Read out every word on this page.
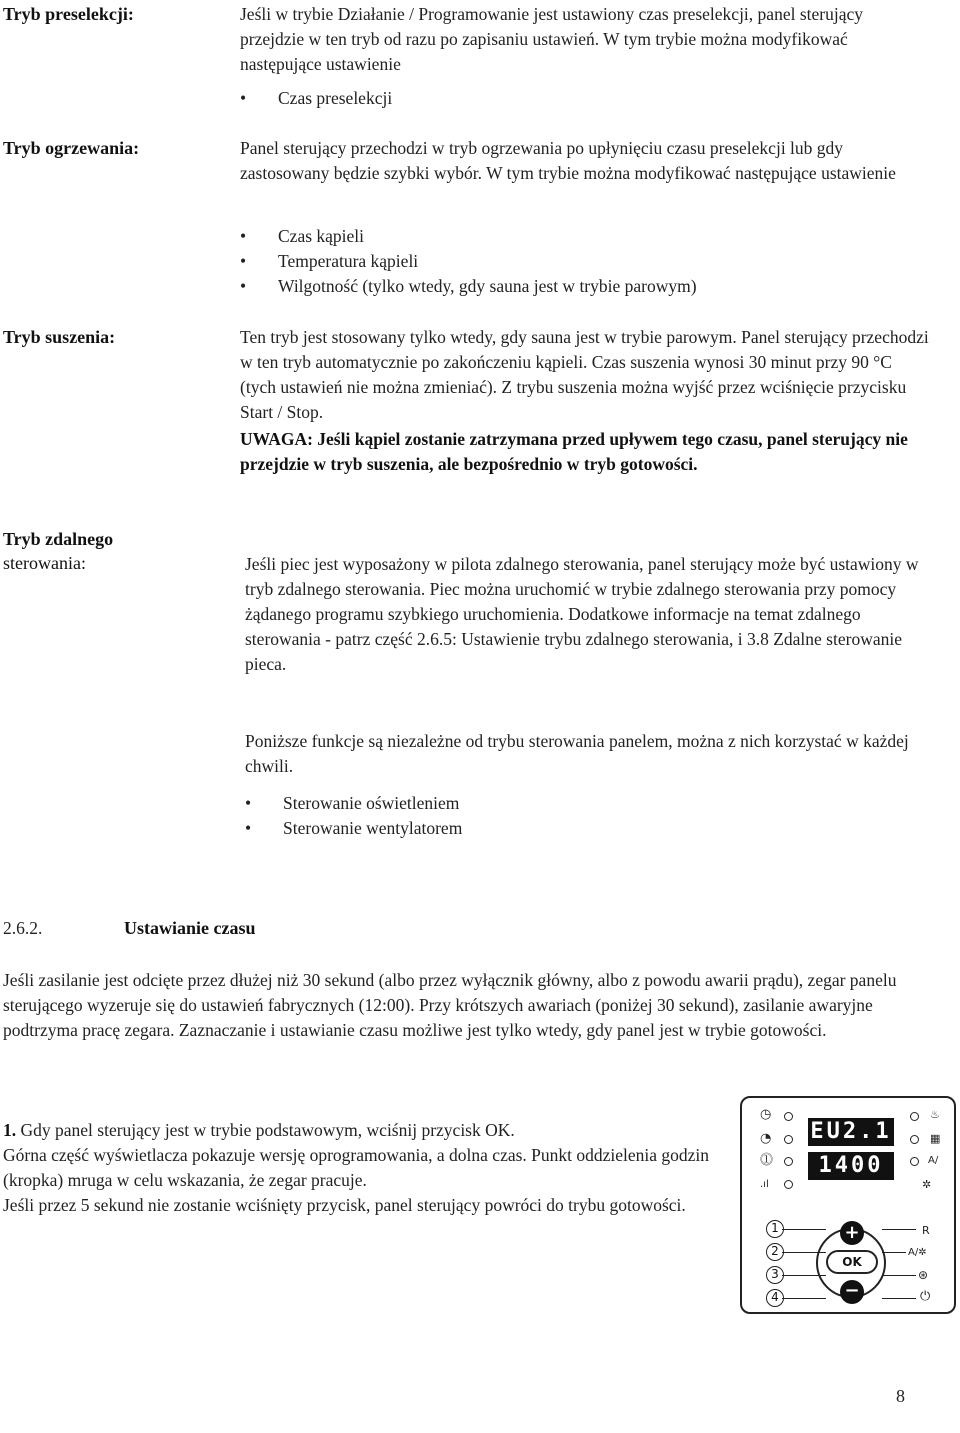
Tryb preselekcji:	Jeśli w trybie Działanie / Programowanie jest ustawiony czas preselekcji, panel sterujący przejdzie w ten tryb od razu po zapisaniu ustawień. W tym trybie można modyfikować następujące ustawienie
• Czas preselekcji
Tryb ogrzewania:	Panel sterujący przechodzi w tryb ogrzewania po upłynięciu czasu preselekcji lub gdy zastosowany będzie szybki wybór. W tym trybie można modyfikować następujące ustawienie
• Czas kąpieli
• Temperatura kąpieli
• Wilgotność (tylko wtedy, gdy sauna jest w trybie parowym)
Tryb suszenia:	Ten tryb jest stosowany tylko wtedy, gdy sauna jest w trybie parowym. Panel sterujący przechodzi w ten tryb automatycznie po zakończeniu kąpieli. Czas suszenia wynosi 30 minut przy 90 °C (tych ustawień nie można zmieniać). Z trybu suszenia można wyjść przez wciśnięcie przycisku Start / Stop.
UWAGA: Jeśli kąpiel zostanie zatrzymana przed upływem tego czasu, panel sterujący nie przejdzie w tryb suszenia, ale bezpośrednio w tryb gotowości.
Tryb zdalnego
sterowania:	Jeśli piec jest wyposażony w pilota zdalnego sterowania, panel sterujący może być ustawiony w tryb zdalnego sterowania. Piec można uruchomić w trybie zdalnego sterowania przy pomocy żądanego programu szybkiego uruchomienia. Dodatkowe informacje na temat zdalnego sterowania - patrz część 2.6.5: Ustawienie trybu zdalnego sterowania, i 3.8 Zdalne sterowanie pieca.
Poniższe funkcje są niezależne od trybu sterowania panelem, można z nich korzystać w każdej chwili.
• Sterowanie oświetleniem
• Sterowanie wentylatorem
2.6.2.	Ustawianie czasu
Jeśli zasilanie jest odcięte przez dłużej niż 30 sekund (albo przez wyłącznik główny, albo z powodu awarii prądu), zegar panelu sterującego wyzeruje się do ustawień fabrycznych (12:00). Przy krótszych awariach (poniżej 30 sekund), zasilanie awaryjne podtrzyma pracę zegara. Zaznaczanie i ustawianie czasu możliwe jest tylko wtedy, gdy panel jest w trybie gotowości.
1. Gdy panel sterujący jest w trybie podstawowym, wciśnij przycisk OK.
Górna część wyświetlacza pokazuje wersję oprogramowania, a dolna czas. Punkt oddzielenia godzin (kropka) mruga w celu wskazania, że zegar pracuje.
Jeśli przez 5 sekund nie zostanie wciśnięty przycisk, panel sterujący powróci do trybu gotowości.
◷
◔
⓵
.ıl
EU2.1
1400
♨
▦
A/
✲
1
2
3
4
+
OK
−
R
A/✲
⊛
⏻
8
